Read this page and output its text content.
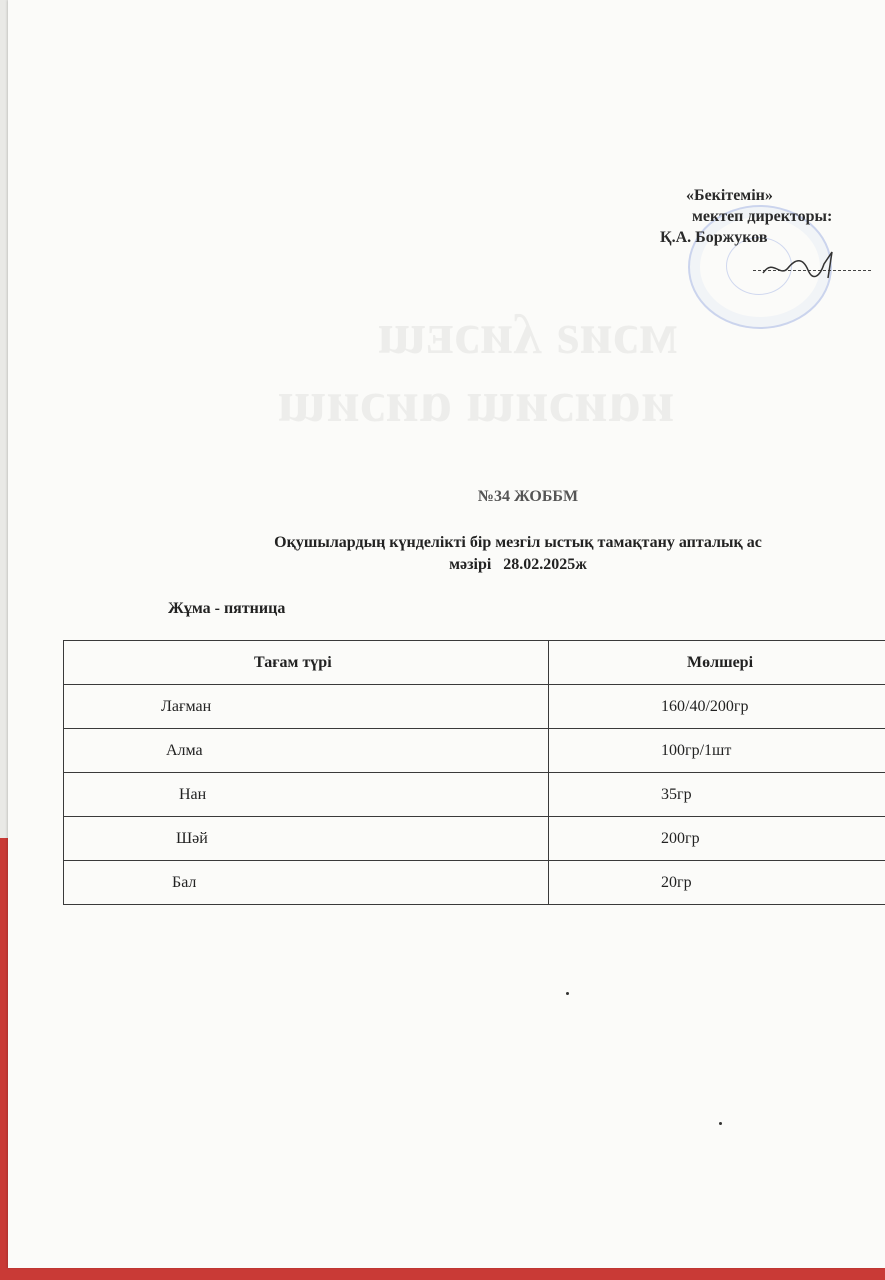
ᴍɔᴎƨ ʎᴎɔᴇɯ
ᴎɑᴎɔᴎɯ ɑᴎɔᴎɯ
«Бекітемін»
мектеп директоры:
Қ.А. Боржуков
№34 ЖОББМ
Оқушылардың күнделікті бір мезгіл ыстық тамақтану апталық ас
мәзірі 28.02.2025ж
Жұма - пятница
Тағам түрі	Мөлшері
Лағман	160/40/200гр
Алма	100гр/1шт
Нан	35гр
Шәй	200гр
Бал	20гр
